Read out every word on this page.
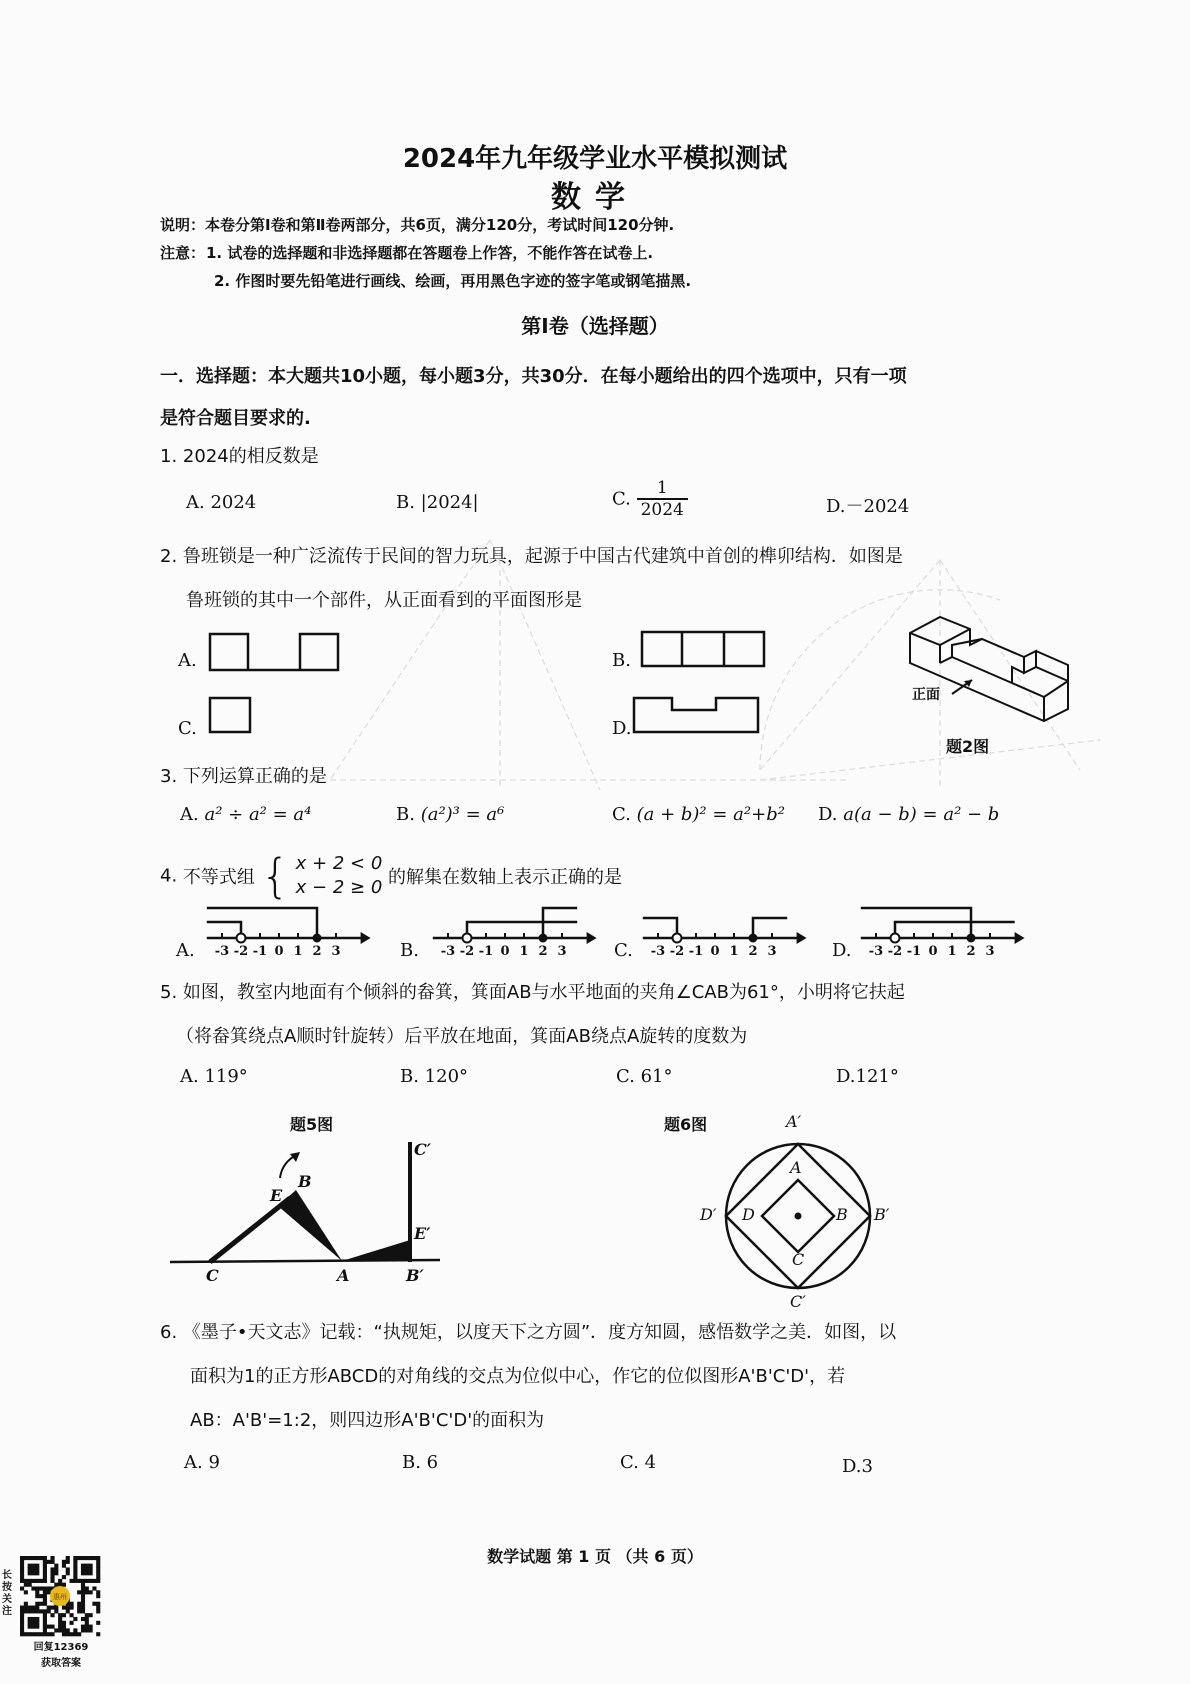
2024年九年级学业水平模拟测试
数学
说明：本卷分第Ⅰ卷和第Ⅱ卷两部分，共6页，满分120分，考试时间120分钟.
注意： 1. 试卷的选择题和非选择题都在答题卷上作答，不能作答在试卷上.
2. 作图时要先铅笔进行画线、绘画，再用黑色字迹的签字笔或钢笔描黑.
第Ⅰ卷（选择题）
一．选择题：本大题共10小题，每小题3分，共30分．在每小题给出的四个选项中，只有一项
是符合题目要求的.
1. 2024的相反数是
A. 2024	B. |2024|	C. $\frac{1}{2024}$	D.－2024
2. 鲁班锁是一种广泛流传于民间的智力玩具，起源于中国古代建筑中首创的榫卯结构．如图是
鲁班锁的其中一个部件，从正面看到的平面图形是
A.	B.
C.	D.
正面
题2图
3. 下列运算正确的是
A. a² ÷ a² = a⁴	B. (a²)³ = a⁶	C. (a + b)² = a²+b² D. a(a − b) = a² − b
4. 不等式组 { x + 2 < 0
x − 2 ≥ 0 的解集在数轴上表示正确的是
A.	B.	C.	D.
-3 -2 -1 0 1 2 3	-3 -2 -1 0 1 2 3	-3 -2 -1 0 1 2 3	-3 -2 -1 0 1 2 3
5. 如图，教室内地面有个倾斜的畚箕，箕面AB与水平地面的夹角∠CAB为61°，小明将它扶起
（将畚箕绕点A顺时针旋转）后平放在地面，箕面AB绕点A旋转的度数为
A. 119°	B. 120°	C. 61°	D.121°
题5图
C	A
B
E
B′
C′
E′
题6图	A′
A
D	B
D′	B′
C
C′
6. 《墨子•天文志》记载：“执规矩，以度天下之方圆”．度方知圆，感悟数学之美．如图，以
面积为1的正方形ABCD的对角线的交点为位似中心，作它的位似图形A'B'C'D'，若
AB：A'B'=1:2，则四边形A'B'C'D'的面积为
A. 9	B. 6	C. 4	D.3
数学试题 第 1 页 （共 6 页）
长按关注
惠州
回复12369
获取答案
